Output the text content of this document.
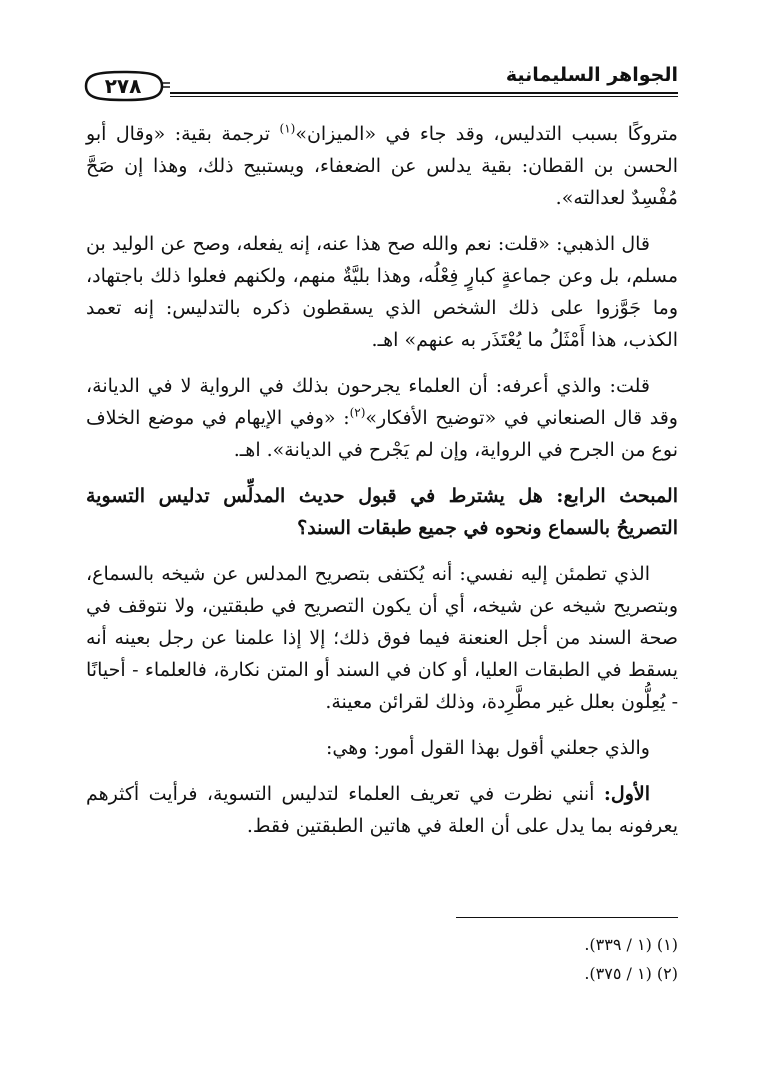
٢٧٨	الجواهر السليمانية

متروكًا بسبب التدليس، وقد جاء في «الميزان»$^{(١)}$ ترجمة بقية: «وقال أبو الحسن بن القطان: بقية يدلس عن الضعفاء، ويستبيح ذلك، وهذا إن صَحَّ مُفْسِدٌ لعدالته».

قال الذهبي: «قلت: نعم والله صح هذا عنه، إنه يفعله، وصح عن الوليد بن مسلم، بل وعن جماعةٍ كبارٍ فِعْلُه، وهذا بليَّةٌ منهم، ولكنهم فعلوا ذلك باجتهاد، وما جَوَّزوا على ذلك الشخص الذي يسقطون ذكره بالتدليس: إنه تعمد الكذب، هذا أَمْثَلُ ما يُعْتَذَر به عنهم» اهـ.

قلت: والذي أعرفه: أن العلماء يجرحون بذلك في الرواية لا في الديانة، وقد قال الصنعاني في «توضيح الأفكار»$^{(٢)}$: «وفي الإيهام في موضع الخلاف نوع من الجرح في الرواية، وإن لم يَجْرح في الديانة». اهـ.

المبحث الرابع: هل يشترط في قبول حديث المدلِّس تدليس التسوية التصريحُ بالسماع ونحوه في جميع طبقات السند؟

الذي تطمئن إليه نفسي: أنه يُكتفى بتصريح المدلس عن شيخه بالسماع، وبتصريح شيخه عن شيخه، أي أن يكون التصريح في طبقتين، ولا نتوقف في صحة السند من أجل العنعنة فيما فوق ذلك؛ إلا إذا علمنا عن رجل بعينه أنه يسقط في الطبقات العليا، أو كان في السند أو المتن نكارة، فالعلماء - أحيانًا - يُعِلُّون بعلل غير مطَّرِدة، وذلك لقرائن معينة.

والذي جعلني أقول بهذا القول أمور: وهي:

الأول: أنني نظرت في تعريف العلماء لتدليس التسوية، فرأيت أكثرهم يعرفونه بما يدل على أن العلة في هاتين الطبقتين فقط.

(١) (١ / ٣٣٩).
(٢) (١ / ٣٧٥).
